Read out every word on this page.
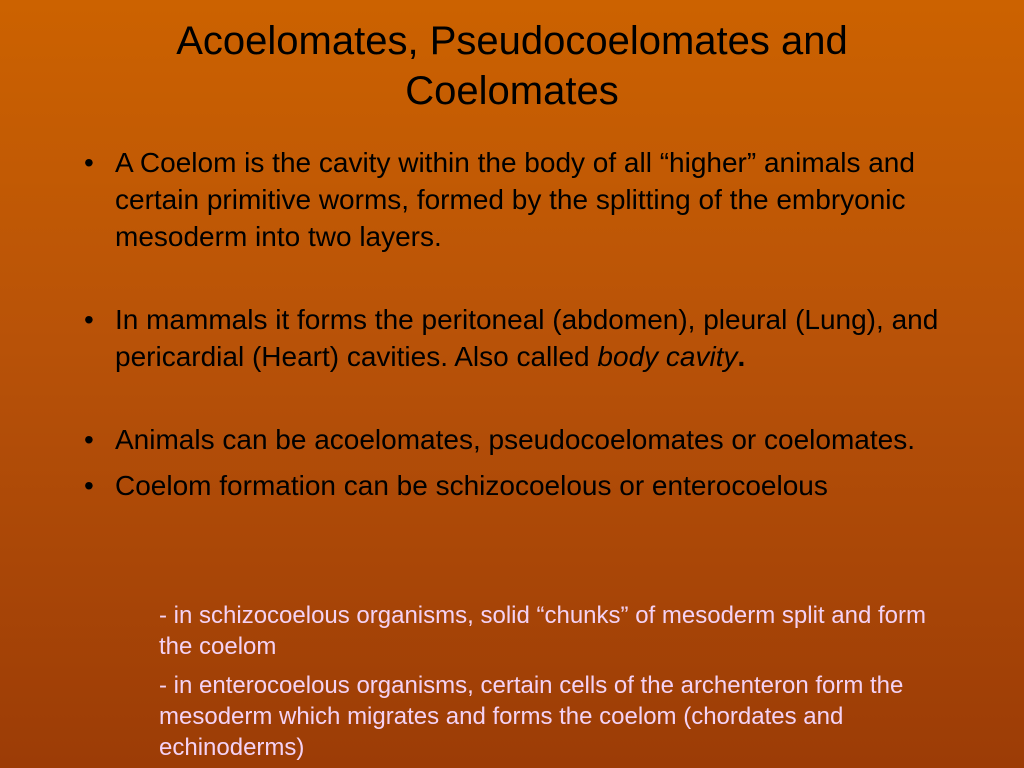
Acoelomates, Pseudocoelomates and
Coelomates
• A Coelom is the cavity within the body of all “higher” animals and certain primitive worms, formed by the splitting of the embryonic mesoderm into two layers.
• In mammals it forms the peritoneal (abdomen), pleural (Lung), and pericardial (Heart) cavities. Also called body cavity.
• Animals can be acoelomates, pseudocoelomates or coelomates.
• Coelom formation can be schizocoelous or enterocoelous
- in schizocoelous organisms, solid “chunks” of mesoderm split and form the coelom
- in enterocoelous organisms, certain cells of the archenteron form the mesoderm which migrates and forms the coelom (chordates and echinoderms)
